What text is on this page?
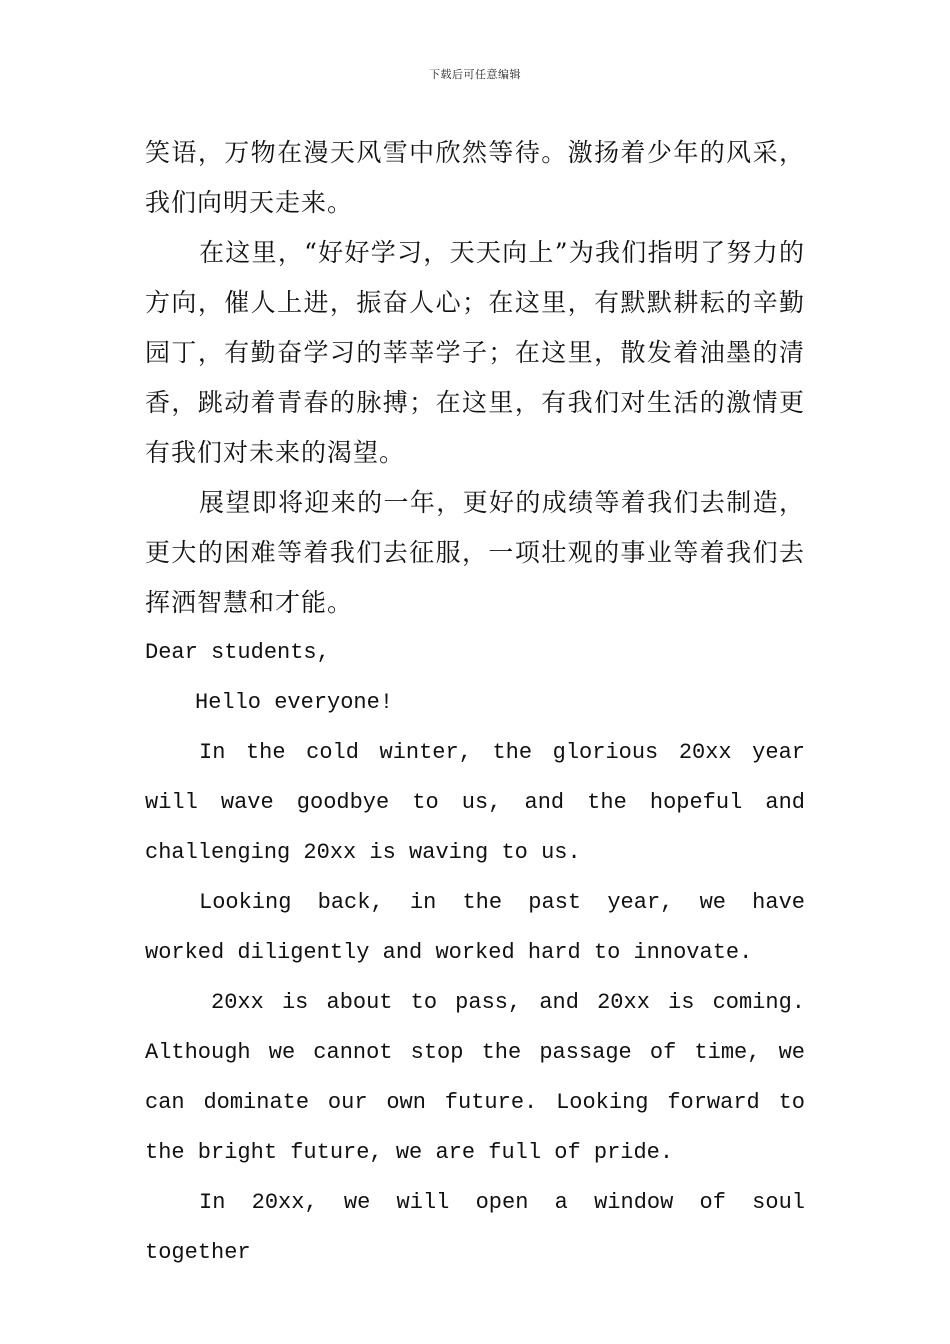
下载后可任意编辑

笑语，万物在漫天风雪中欣然等待。激扬着少年的风采，我们向明天走来。

在这里，“好好学习，天天向上”为我们指明了努力的方向，催人上进，振奋人心；在这里，有默默耕耘的辛勤园丁，有勤奋学习的莘莘学子；在这里，散发着油墨的清香，跳动着青春的脉搏；在这里，有我们对生活的激情更有我们对未来的渴望。

展望即将迎来的一年，更好的成绩等着我们去制造，更大的困难等着我们去征服，一项壮观的事业等着我们去挥洒智慧和才能。

Dear students,

Hello everyone!

In the cold winter, the glorious 20xx year will wave goodbye to us, and the hopeful and challenging 20xx is waving to us.

Looking back, in the past year, we have worked diligently and worked hard to innovate.

20xx is about to pass, and 20xx is coming. Although we cannot stop the passage of time, we can dominate our own future. Looking forward to the bright future, we are full of pride.

In 20xx, we will open a window of soul together
